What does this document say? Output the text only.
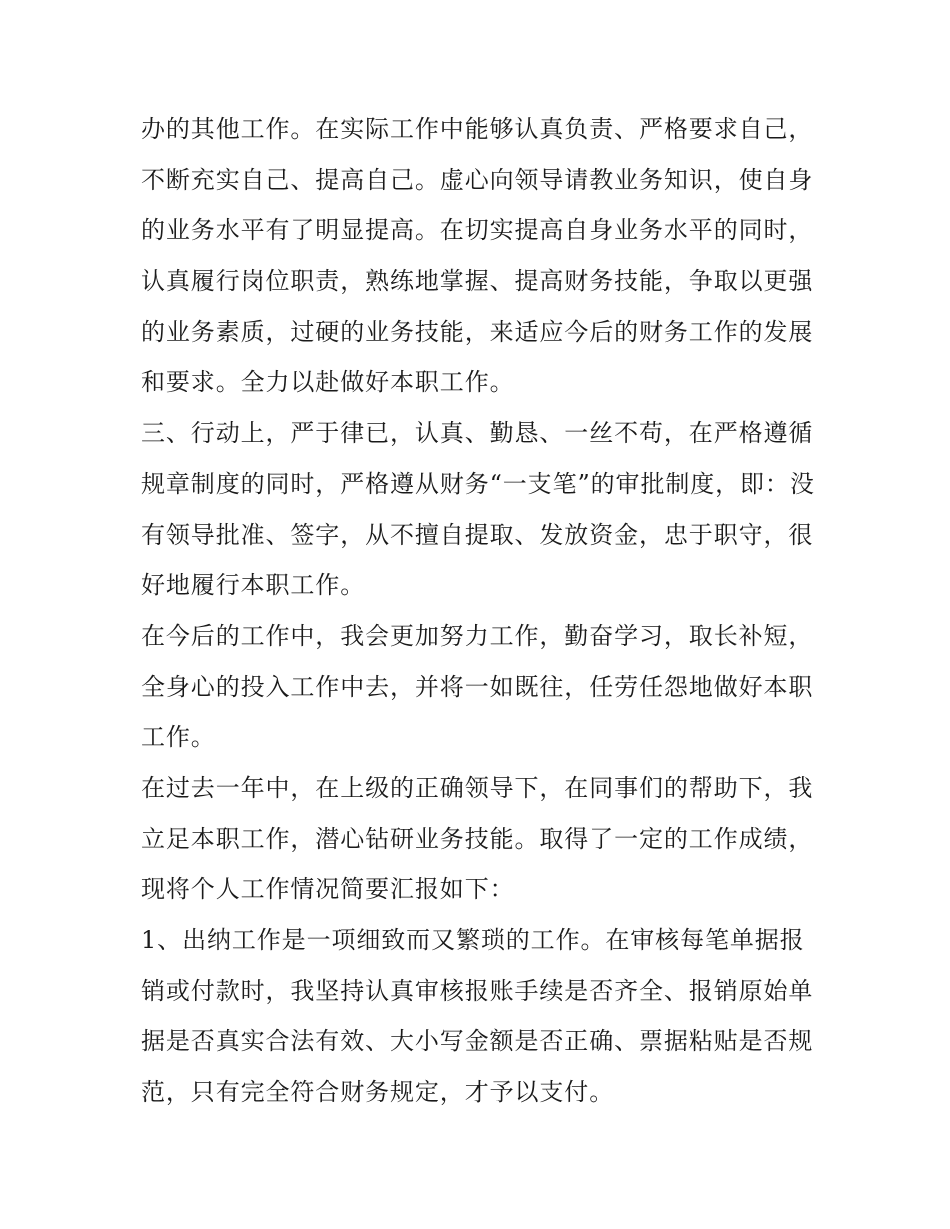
办的其他工作。在实际工作中能够认真负责、严格要求自己，
不断充实自己、提高自己。虚心向领导请教业务知识，使自身
的业务水平有了明显提高。在切实提高自身业务水平的同时，
认真履行岗位职责，熟练地掌握、提高财务技能，争取以更强
的业务素质，过硬的业务技能，来适应今后的财务工作的发展
和要求。全力以赴做好本职工作。
三、行动上，严于律已，认真、勤恳、一丝不苟，在严格遵循
规章制度的同时，严格遵从财务“一支笔”的审批制度，即：没
有领导批准、签字，从不擅自提取、发放资金，忠于职守，很
好地履行本职工作。
在今后的工作中，我会更加努力工作，勤奋学习，取长补短，
全身心的投入工作中去，并将一如既往，任劳任怨地做好本职
工作。
在过去一年中，在上级的正确领导下，在同事们的帮助下，我
立足本职工作，潜心钻研业务技能。取得了一定的工作成绩，
现将个人工作情况简要汇报如下：
1、出纳工作是一项细致而又繁琐的工作。在审核每笔单据报
销或付款时，我坚持认真审核报账手续是否齐全、报销原始单
据是否真实合法有效、大小写金额是否正确、票据粘贴是否规
范，只有完全符合财务规定，才予以支付。
